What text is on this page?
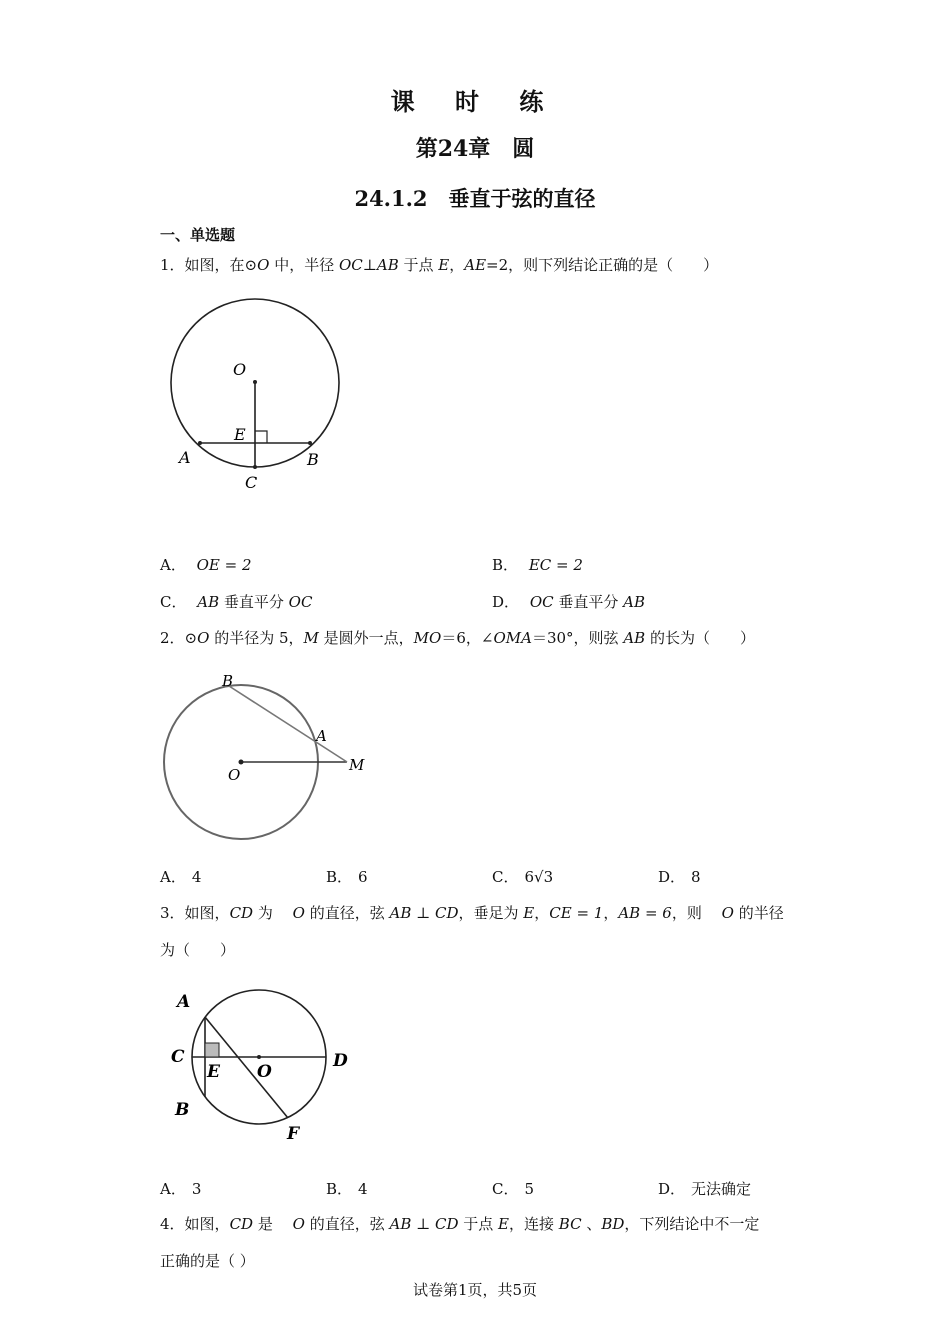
课 时 练
第24章　圆
24.1.2　垂直于弦的直径
一、单选题
1．如图，在⊙O 中，半径 OC⊥AB 于点 E，AE=2，则下列结论正确的是（　　）
O
E
A	B
C
A． OE = 2	B． EC = 2
C． AB 垂直平分 OC	D． OC 垂直平分 AB
2．⊙O 的半径为 5，M 是圆外一点，MO＝6，∠OMA＝30°，则弦 AB 的长为（　　）
B
A
O
M
A． 4	B． 6	C． 6√3	D． 8
3．如图，CD 为 　O 的直径，弦 AB ⊥ CD，垂足为 E，CE = 1，AB = 6，则 　O 的半径
为（　　）
A
C
E O
D
B
F
A． 3	B． 4	C． 5	D． 无法确定
4．如图，CD 是 　O 的直径，弦 AB ⊥ CD 于点 E，连接 BC 、BD，下列结论中不一定
正确的是（ ）
试卷第1页，共5页
